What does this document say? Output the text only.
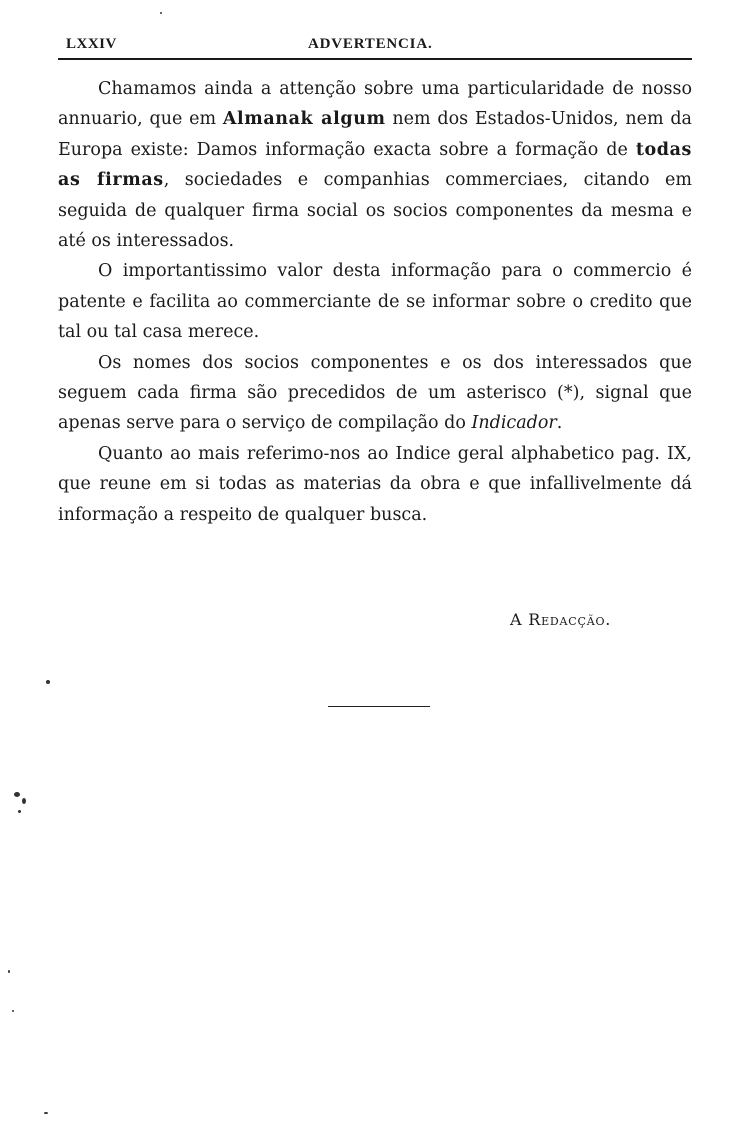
LXXIV	ADVERTENCIA.

Chamamos ainda a attenção sobre uma particularidade de nosso annuario, que em Almanak algum nem dos Estados-Unidos, nem da Europa existe: Damos informação exacta sobre a formação de todas as firmas, sociedades e companhias commerciaes, citando em seguida de qualquer firma social os socios componentes da mesma e até os interessados.

O importantissimo valor desta informação para o commercio é patente e facilita ao commerciante de se informar sobre o credito que tal ou tal casa merece.

Os nomes dos socios componentes e os dos interessados que seguem cada firma são precedidos de um asterisco (*), signal que apenas serve para o serviço de compilação do Indicador.

Quanto ao mais referimo-nos ao Indice geral alphabetico pag. IX, que reune em si todas as materias da obra e que infallivelmente dá informação a respeito de qualquer busca.

A Redacção.
